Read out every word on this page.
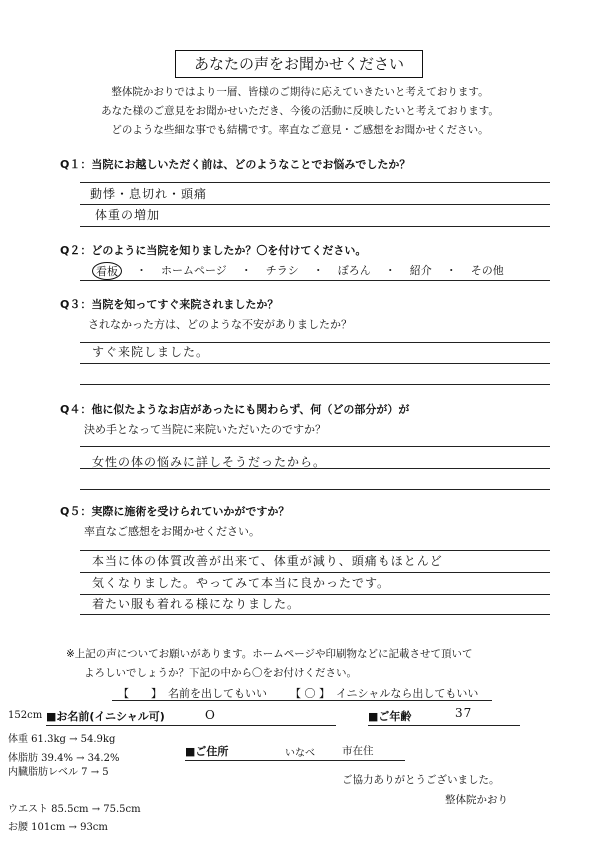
あなたの声をお聞かせください
整体院かおりではより一層、皆様のご期待に応えていきたいと考えております。
あなた様のご意見をお聞かせいただき、今後の活動に反映したいと考えております。
どのような些細な事でも結構です。率直なご意見・ご感想をお聞かせください。
Q１：当院にお越しいただく前は、どのようなことでお悩みでしたか？
動悸・息切れ・頭痛
体重の増加
Q２：どのように当院を知りましたか？〇を付けてください。
看板	・ ホームページ ・ チラシ ・ ぼろん ・ 紹介 ・ その他
Q３：当院を知ってすぐ来院されましたか？
されなかった方は、どのような不安がありましたか？
すぐ来院しました。
Q４：他に似たようなお店があったにも関わらず、何（どの部分が）が
決め手となって当院に来院いただいたのですか？
女性の体の悩みに詳しそうだったから。
Q５：実際に施術を受けられていかがですか？
率直なご感想をお聞かせください。
本当に体の体質改善が出来て、体重が減り、頭痛もほとんど
気くなりました。やってみて本当に良かったです。
着たい服も着れる様になりました。
※上記の声についてお願いがあります。ホームページや印刷物などに記載させて頂いて
よろしいでしょうか？下記の中から〇をお付けください。
【　　】 名前を出してもいい 【 〇 】 イニシャルなら出してもいい
152cm ■お名前(イニシャル可)	O	■ご年齢	37
体重 61.3kg → 54.9kg
体脂肪 39.4% → 34.2%
内臓脂肪レベル 7 → 5
ウエスト 85.5cm → 75.5cm
お腰 101cm → 93cm
■ご住所	いなべ	市在住
ご協力ありがとうございました。
整体院かおり
